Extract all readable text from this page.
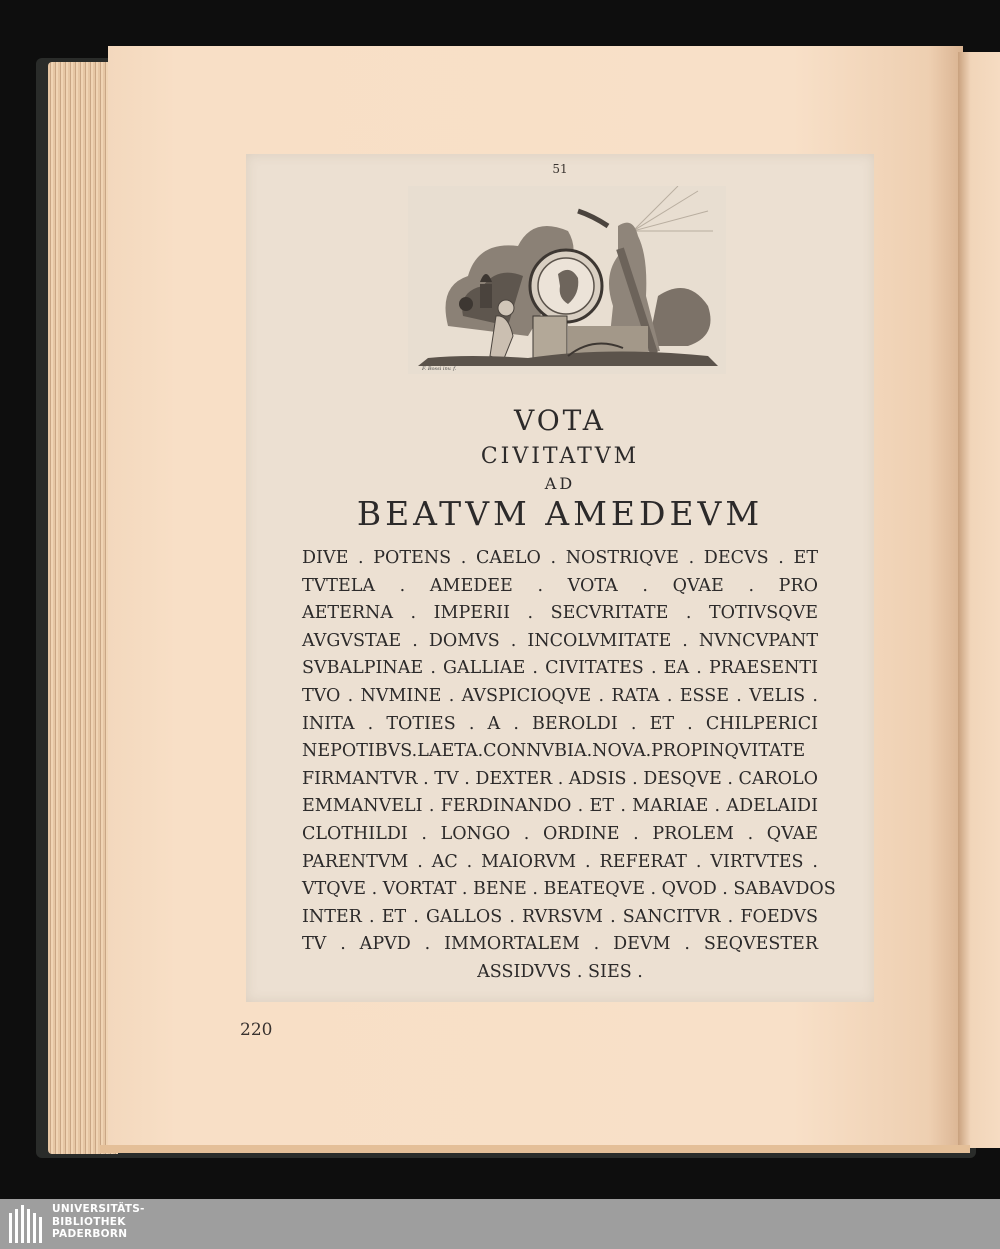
51
F. Bossi inv. f.
VOTA
CIVITATVM
AD
BEATVM AMEDEVM
DIVE . POTENS . CAELO . NOSTRIQVE . DECVS . ET
TVTELA . AMEDEE . VOTA . QVAE . PRO
AETERNA . IMPERII . SECVRITATE . TOTIVSQVE
AVGVSTAE . DOMVS . INCOLVMITATE . NVNCVPANT
SVBALPINAE . GALLIAE . CIVITATES . EA . PRAESENTI
TVO . NVMINE . AVSPICIOQVE . RATA . ESSE . VELIS .
INITA . TOTIES . A . BEROLDI . ET . CHILPERICI
NEPOTIBVS.LAETA.CONNVBIA.NOVA.PROPINQVITATE
FIRMANTVR . TV . DEXTER . ADSIS . DESQVE . CAROLO
EMMANVELI . FERDINANDO . ET . MARIAE . ADELAIDI
CLOTHILDI . LONGO . ORDINE . PROLEM . QVAE
PARENTVM . AC . MAIORVM . REFERAT . VIRTVTES .
VTQVE . VORTAT . BENE . BEATEQVE . QVOD . SABAVDOS
INTER . ET . GALLOS . RVRSVM . SANCITVR . FOEDVS
TV . APVD . IMMORTALEM . DEVM . SEQVESTER
ASSIDVVS . SIES .
220
UNIVERSITÄTS-
BIBLIOTHEK
PADERBORN
